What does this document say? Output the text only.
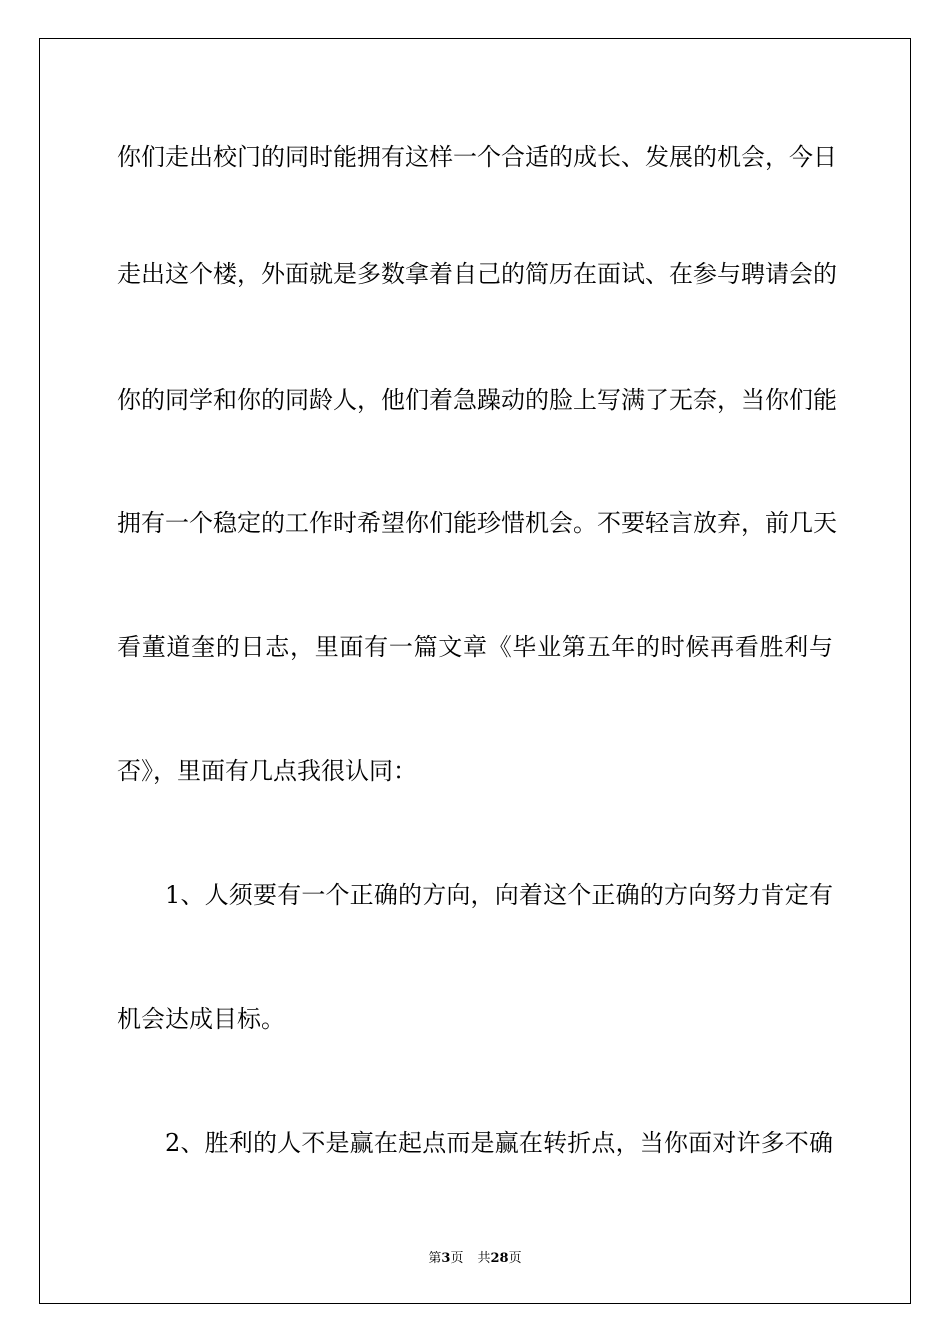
你们走出校门的同时能拥有这样一个合适的成长、发展的机会，今日
走出这个楼，外面就是多数拿着自己的简历在面试、在参与聘请会的
你的同学和你的同龄人，他们着急躁动的脸上写满了无奈，当你们能
拥有一个稳定的工作时希望你们能珍惜机会。不要轻言放弃，前几天
看董道奎的日志，里面有一篇文章《毕业第五年的时候再看胜利与
否》，里面有几点我很认同：
1、人须要有一个正确的方向，向着这个正确的方向努力肯定有
机会达成目标。
2、胜利的人不是赢在起点而是赢在转折点，当你面对许多不确
第3页 共28页
